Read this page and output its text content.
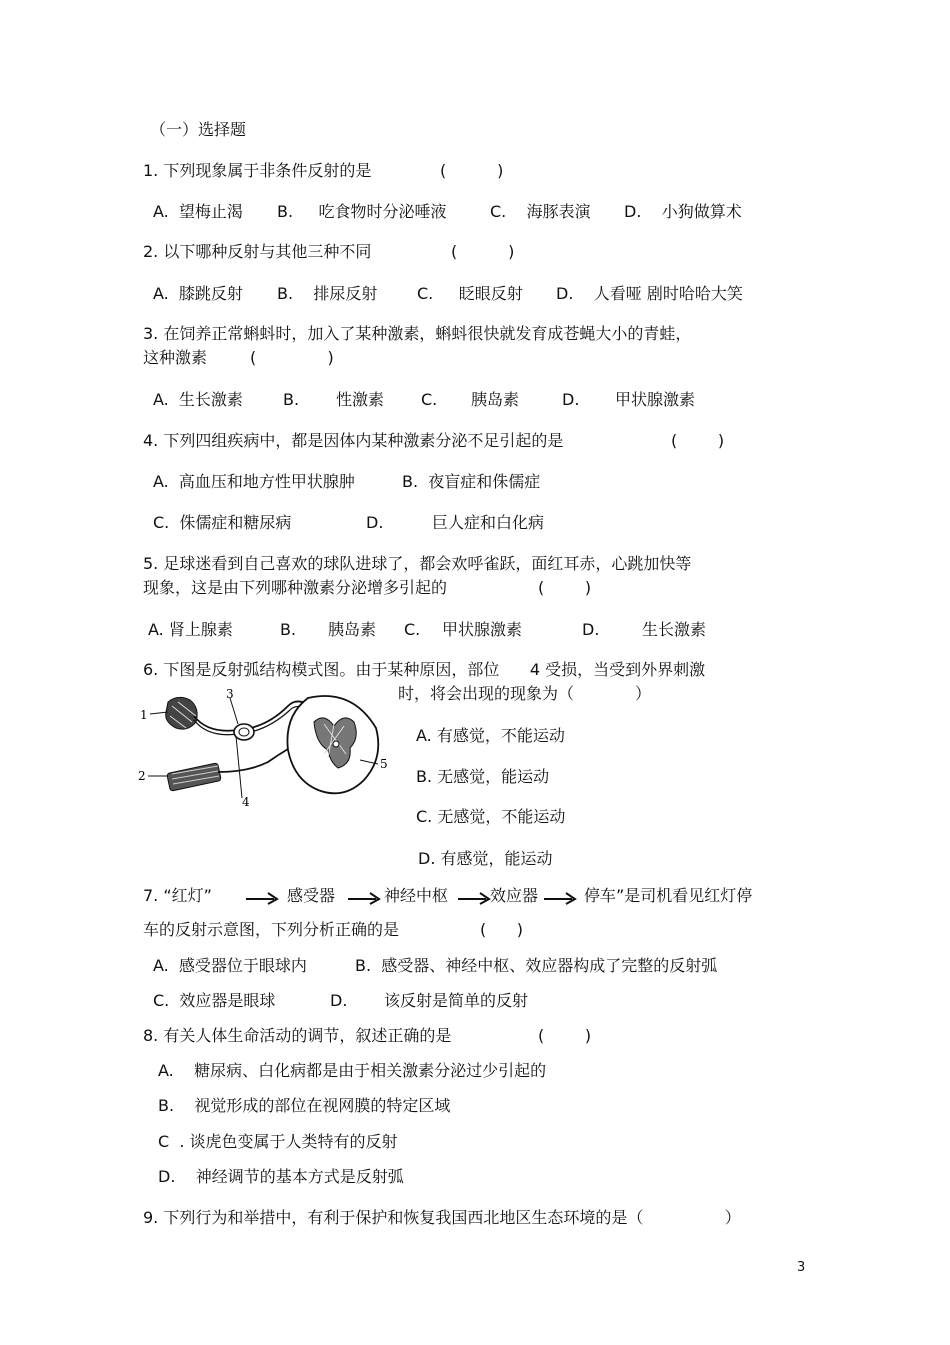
（一）选择题
1. 下列现象属于非条件反射的是	(          )
A.  望梅止渴 B.     吃食物时分泌唾液	C.    海豚表演 D.    小狗做算术
2. 以下哪种反射与其他三种不同	(          )
A.  膝跳反射 B.    排尿反射 C.     眨眼反射 D.    人看哑 剧时哈哈大笑
3. 在饲养正常蝌蚪时，加入了某种激素，蝌蚪很快就发育成苍蝇大小的青蛙，
这种激素	(              )
A.  生长激素	B. 性激素 C. 胰岛素	D. 甲状腺激素
4. 下列四组疾病中，都是因体内某种激素分泌不足引起的是	(        )
A.  高血压和地方性甲状腺肿	B.  夜盲症和侏儒症
C.  侏儒症和糖尿病	D.	巨人症和白化病
5. 足球迷看到自己喜欢的球队进球了，都会欢呼雀跃，面红耳赤，心跳加快等
现象，这是由下列哪种激素分泌增多引起的	(        )
A. 肾上腺素	B. 胰岛素 C. 甲状腺激素	D.	生长激素
6. 下图是反射弧结构模式图。由于某种原因，部位      4 受损，当受到外界刺激
时，将会出现的现象为（            ）
1
2
3
4
5
A. 有感觉，不能运动
B. 无感觉，能运动
C. 无感觉，不能运动
D. 有感觉，能运动
7. “红灯”	感受器	神经中枢	效应器	停车”是司机看见红灯停
车的反射示意图，下列分析正确的是	(      )
A.  感受器位于眼球内	B.  感受器、神经中枢、效应器构成了完整的反射弧
C.  效应器是眼球	D. 该反射是简单的反射
8. 有关人体生命活动的调节，叙述正确的是	(        )
A.    糖尿病、白化病都是由于相关激素分泌过少引起的
B.    视觉形成的部位在视网膜的特定区域
C  . 谈虎色变属于人类特有的反射
D.    神经调节的基本方式是反射弧
9. 下列行为和举措中，有利于保护和恢复我国西北地区生态环境的是（                ）
3
